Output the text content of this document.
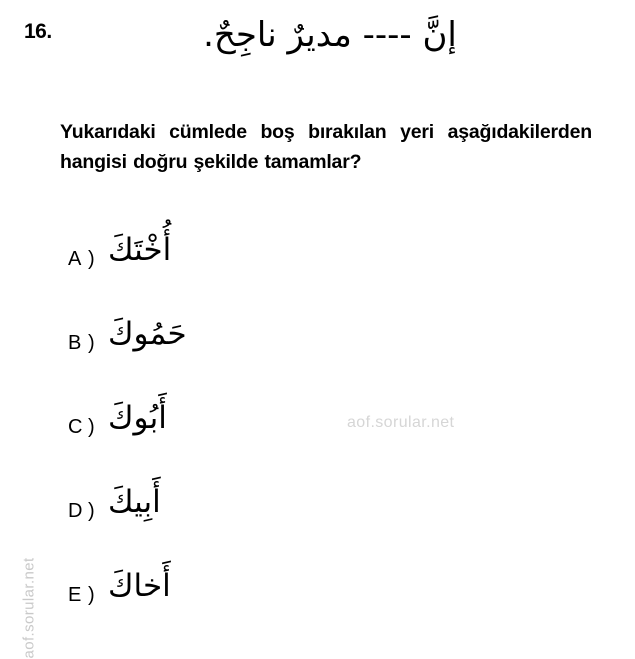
16.	إنَّ ---- مديرٌ ناجِحٌ.
Yukarıdaki cümlede boş bırakılan yeri aşağıdakilerden hangisi doğru şekilde tamamlar?
A ) أُخْتَكَ
B ) حَمُوكَ
C ) أَبُوكَ
D ) أَبِيكَ
E ) أَخاكَ
aof.sorular.net
aof.sorular.net
